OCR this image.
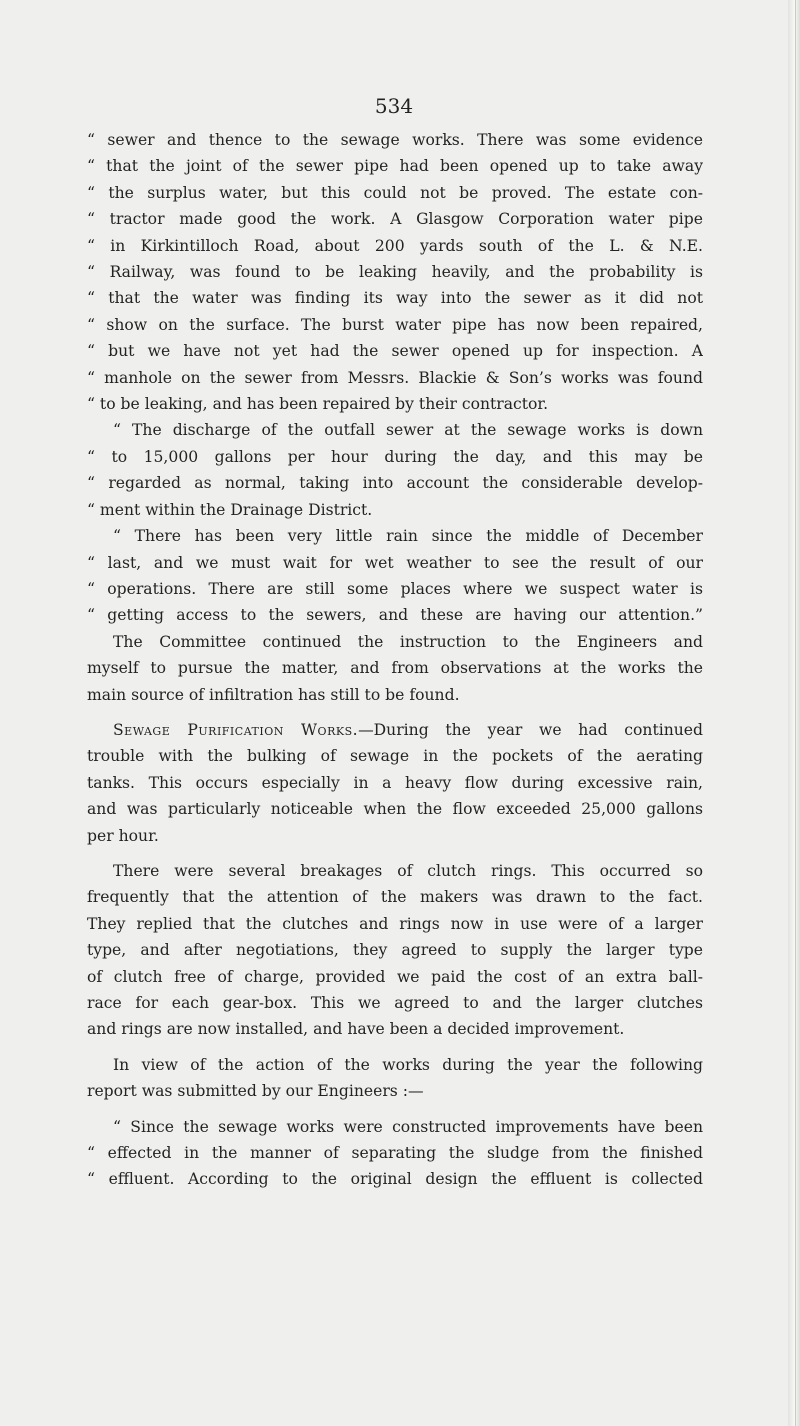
534
“ sewer and thence to the sewage works. There was some evidence
“ that the joint of the sewer pipe had been opened up to take away
“ the surplus water, but this could not be proved. The estate con-
“ tractor made good the work. A Glasgow Corporation water pipe
“ in Kirkintilloch Road, about 200 yards south of the L. & N.E.
“ Railway, was found to be leaking heavily, and the probability is
“ that the water was finding its way into the sewer as it did not
“ show on the surface. The burst water pipe has now been repaired,
“ but we have not yet had the sewer opened up for inspection. A
“ manhole on the sewer from Messrs. Blackie & Son’s works was found
“ to be leaking, and has been repaired by their contractor.
“ The discharge of the outfall sewer at the sewage works is down
“ to 15,000 gallons per hour during the day, and this may be
“ regarded as normal, taking into account the considerable develop-
“ ment within the Drainage District.
“ There has been very little rain since the middle of December
“ last, and we must wait for wet weather to see the result of our
“ operations. There are still some places where we suspect water is
“ getting access to the sewers, and these are having our attention.”
The Committee continued the instruction to the Engineers and
myself to pursue the matter, and from observations at the works the
main source of infiltration has still to be found.
Sewage Purification Works.—During the year we had continued
trouble with the bulking of sewage in the pockets of the aerating
tanks. This occurs especially in a heavy flow during excessive rain,
and was particularly noticeable when the flow exceeded 25,000 gallons
per hour.
There were several breakages of clutch rings. This occurred so
frequently that the attention of the makers was drawn to the fact.
They replied that the clutches and rings now in use were of a larger
type, and after negotiations, they agreed to supply the larger type
of clutch free of charge, provided we paid the cost of an extra ball-
race for each gear-box. This we agreed to and the larger clutches
and rings are now installed, and have been a decided improvement.
In view of the action of the works during the year the following
report was submitted by our Engineers :—
“ Since the sewage works were constructed improvements have been
“ effected in the manner of separating the sludge from the finished
“ effluent. According to the original design the effluent is collected
